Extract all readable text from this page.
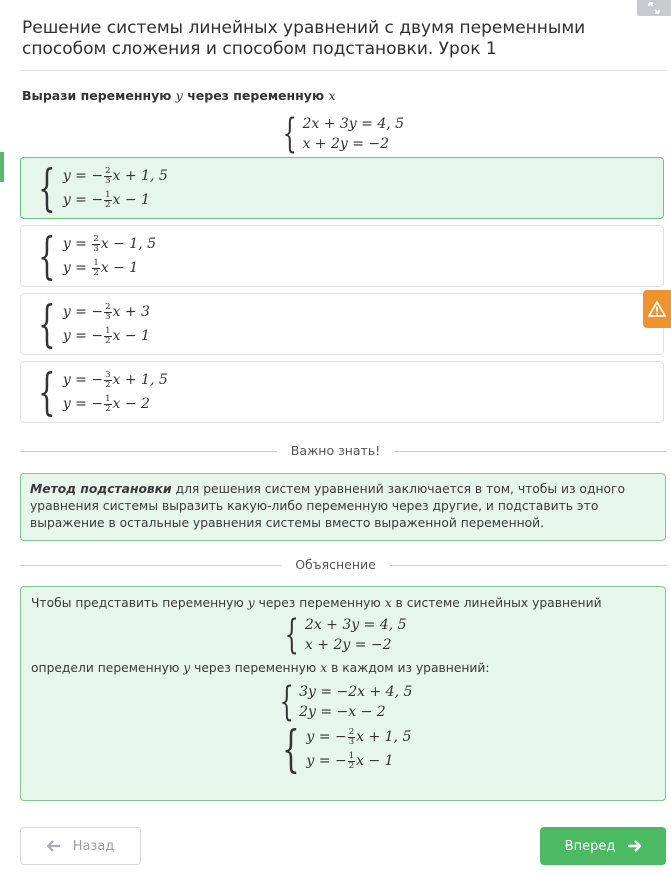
Решение системы линейных уравнений с двумя переменными способом сложения и способом подстановки. Урок 1
Вырази переменную y через переменную x
{ 2x + 3y = 4, 5
x + 2y = −2
{ y = − $\frac{2}{3}$ x + 1, 5
y = − $\frac{1}{2}$ x − 1
{ $y = \frac{2}{3}$ x − 1, 5
$y = \frac{1}{2}$ x − 1
{ y = − $\frac{2}{3}$ x + 3
y = − $\frac{1}{2}$ x − 1
{ y = − $\frac{3}{2}$ x + 1, 5
y = − $\frac{1}{2}$ x − 2
Важно знать!
Метод подстановки для решения систем уравнений заключается в том, чтобы из одного уравнения системы выразить какую-либо переменную через другие, и подставить это выражение в остальные уравнения системы вместо выраженной переменной.
Объяснение
Чтобы представить переменную y через переменную x в системе линейных уравнений
{ 2x + 3y = 4, 5
x + 2y = −2
определи переменную y через переменную x в каждом из уравнений:
{ 3y = −2x + 4, 5
2y = −x − 2
{ y = − $\frac{2}{3}$ x + 1, 5
y = − $\frac{1}{2}$ x − 1
Назад	Вперед
